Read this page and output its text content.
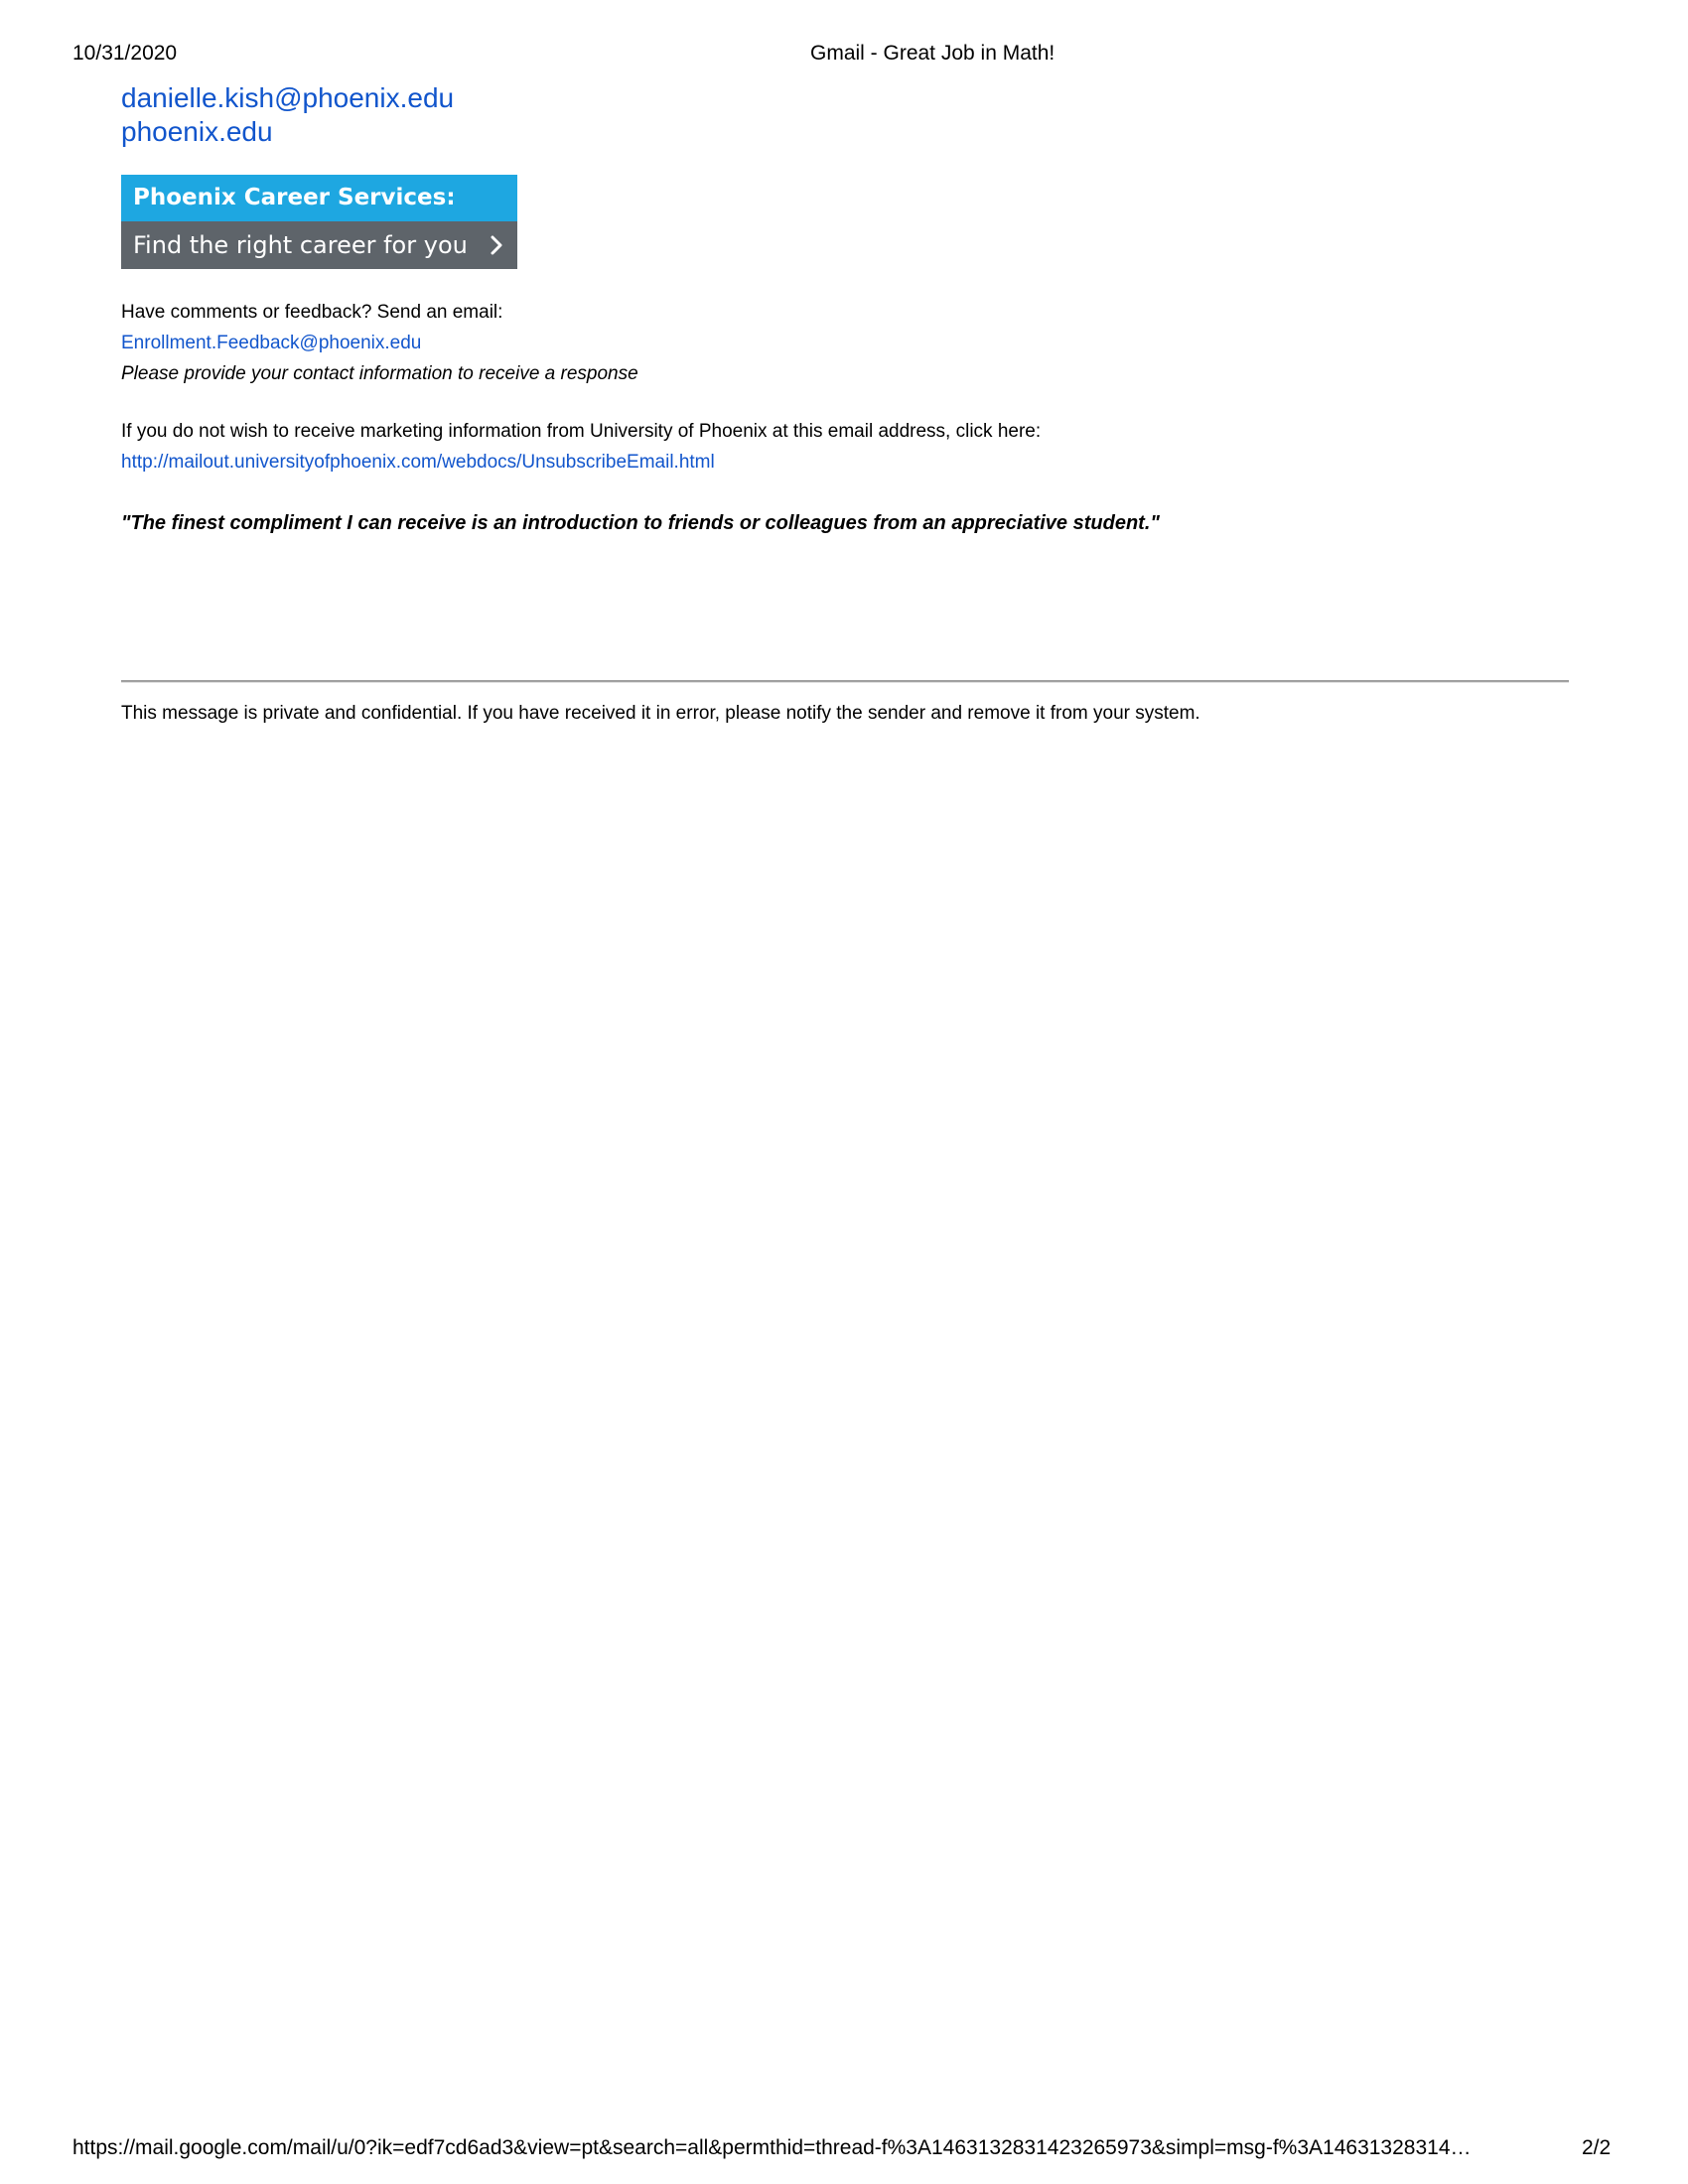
10/31/2020	Gmail - Great Job in Math!
danielle.kish@phoenix.edu
phoenix.edu
Phoenix Career Services:
Find the right career for you
Have comments or feedback? Send an email:
Enrollment.Feedback@phoenix.edu
Please provide your contact information to receive a response
If you do not wish to receive marketing information from University of Phoenix at this email address, click here:
http://mailout.universityofphoenix.com/webdocs/UnsubscribeEmail.html
"The finest compliment I can receive is an introduction to friends or colleagues from an appreciative student."
This message is private and confidential. If you have received it in error, please notify the sender and remove it from your system.
https://mail.google.com/mail/u/0?ik=edf7cd6ad3&view=pt&search=all&permthid=thread-f%3A1463132831423265973&simpl=msg-f%3A14631328314…	2/2
